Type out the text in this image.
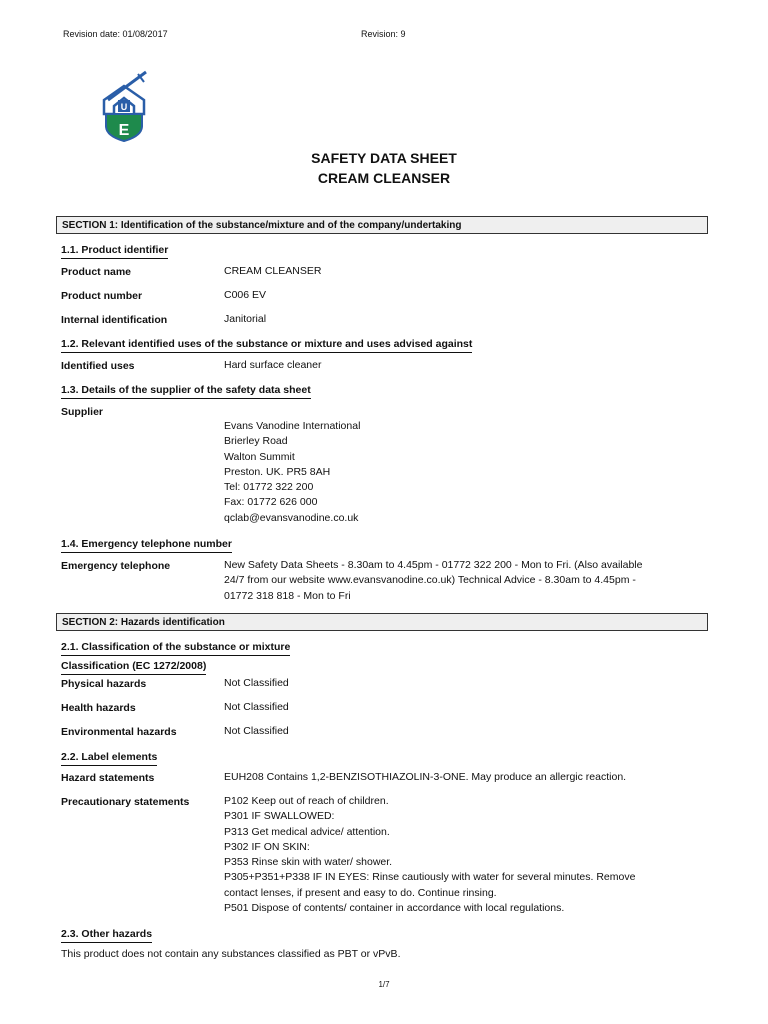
Revision date: 01/08/2017	Revision: 9
U
E
SAFETY DATA SHEET
CREAM CLEANSER
SECTION 1: Identification of the substance/mixture and of the company/undertaking
1.1. Product identifier
Product name	CREAM CLEANSER
Product number	C006 EV
Internal identification	Janitorial
1.2. Relevant identified uses of the substance or mixture and uses advised against
Identified uses	Hard surface cleaner
1.3. Details of the supplier of the safety data sheet
Supplier
Evans Vanodine International
Brierley Road
Walton Summit
Preston. UK. PR5 8AH
Tel: 01772 322 200
Fax: 01772 626 000
qclab@evansvanodine.co.uk
1.4. Emergency telephone number
Emergency telephone	New Safety Data Sheets - 8.30am to 4.45pm - 01772 322 200 - Mon to Fri. (Also available
24/7 from our website www.evansvanodine.co.uk) Technical Advice - 8.30am to 4.45pm -
01772 318 818 - Mon to Fri
SECTION 2: Hazards identification
2.1. Classification of the substance or mixture
Classification (EC 1272/2008)
Physical hazards	Not Classified
Health hazards	Not Classified
Environmental hazards	Not Classified
2.2. Label elements
Hazard statements	EUH208 Contains 1,2-BENZISOTHIAZOLIN-3-ONE. May produce an allergic reaction.
Precautionary statements	P102 Keep out of reach of children.
P301 IF SWALLOWED:
P313 Get medical advice/ attention.
P302 IF ON SKIN:
P353 Rinse skin with water/ shower.
P305+P351+P338 IF IN EYES: Rinse cautiously with water for several minutes. Remove
contact lenses, if present and easy to do. Continue rinsing.
P501 Dispose of contents/ container in accordance with local regulations.
2.3. Other hazards
This product does not contain any substances classified as PBT or vPvB.
1/7
